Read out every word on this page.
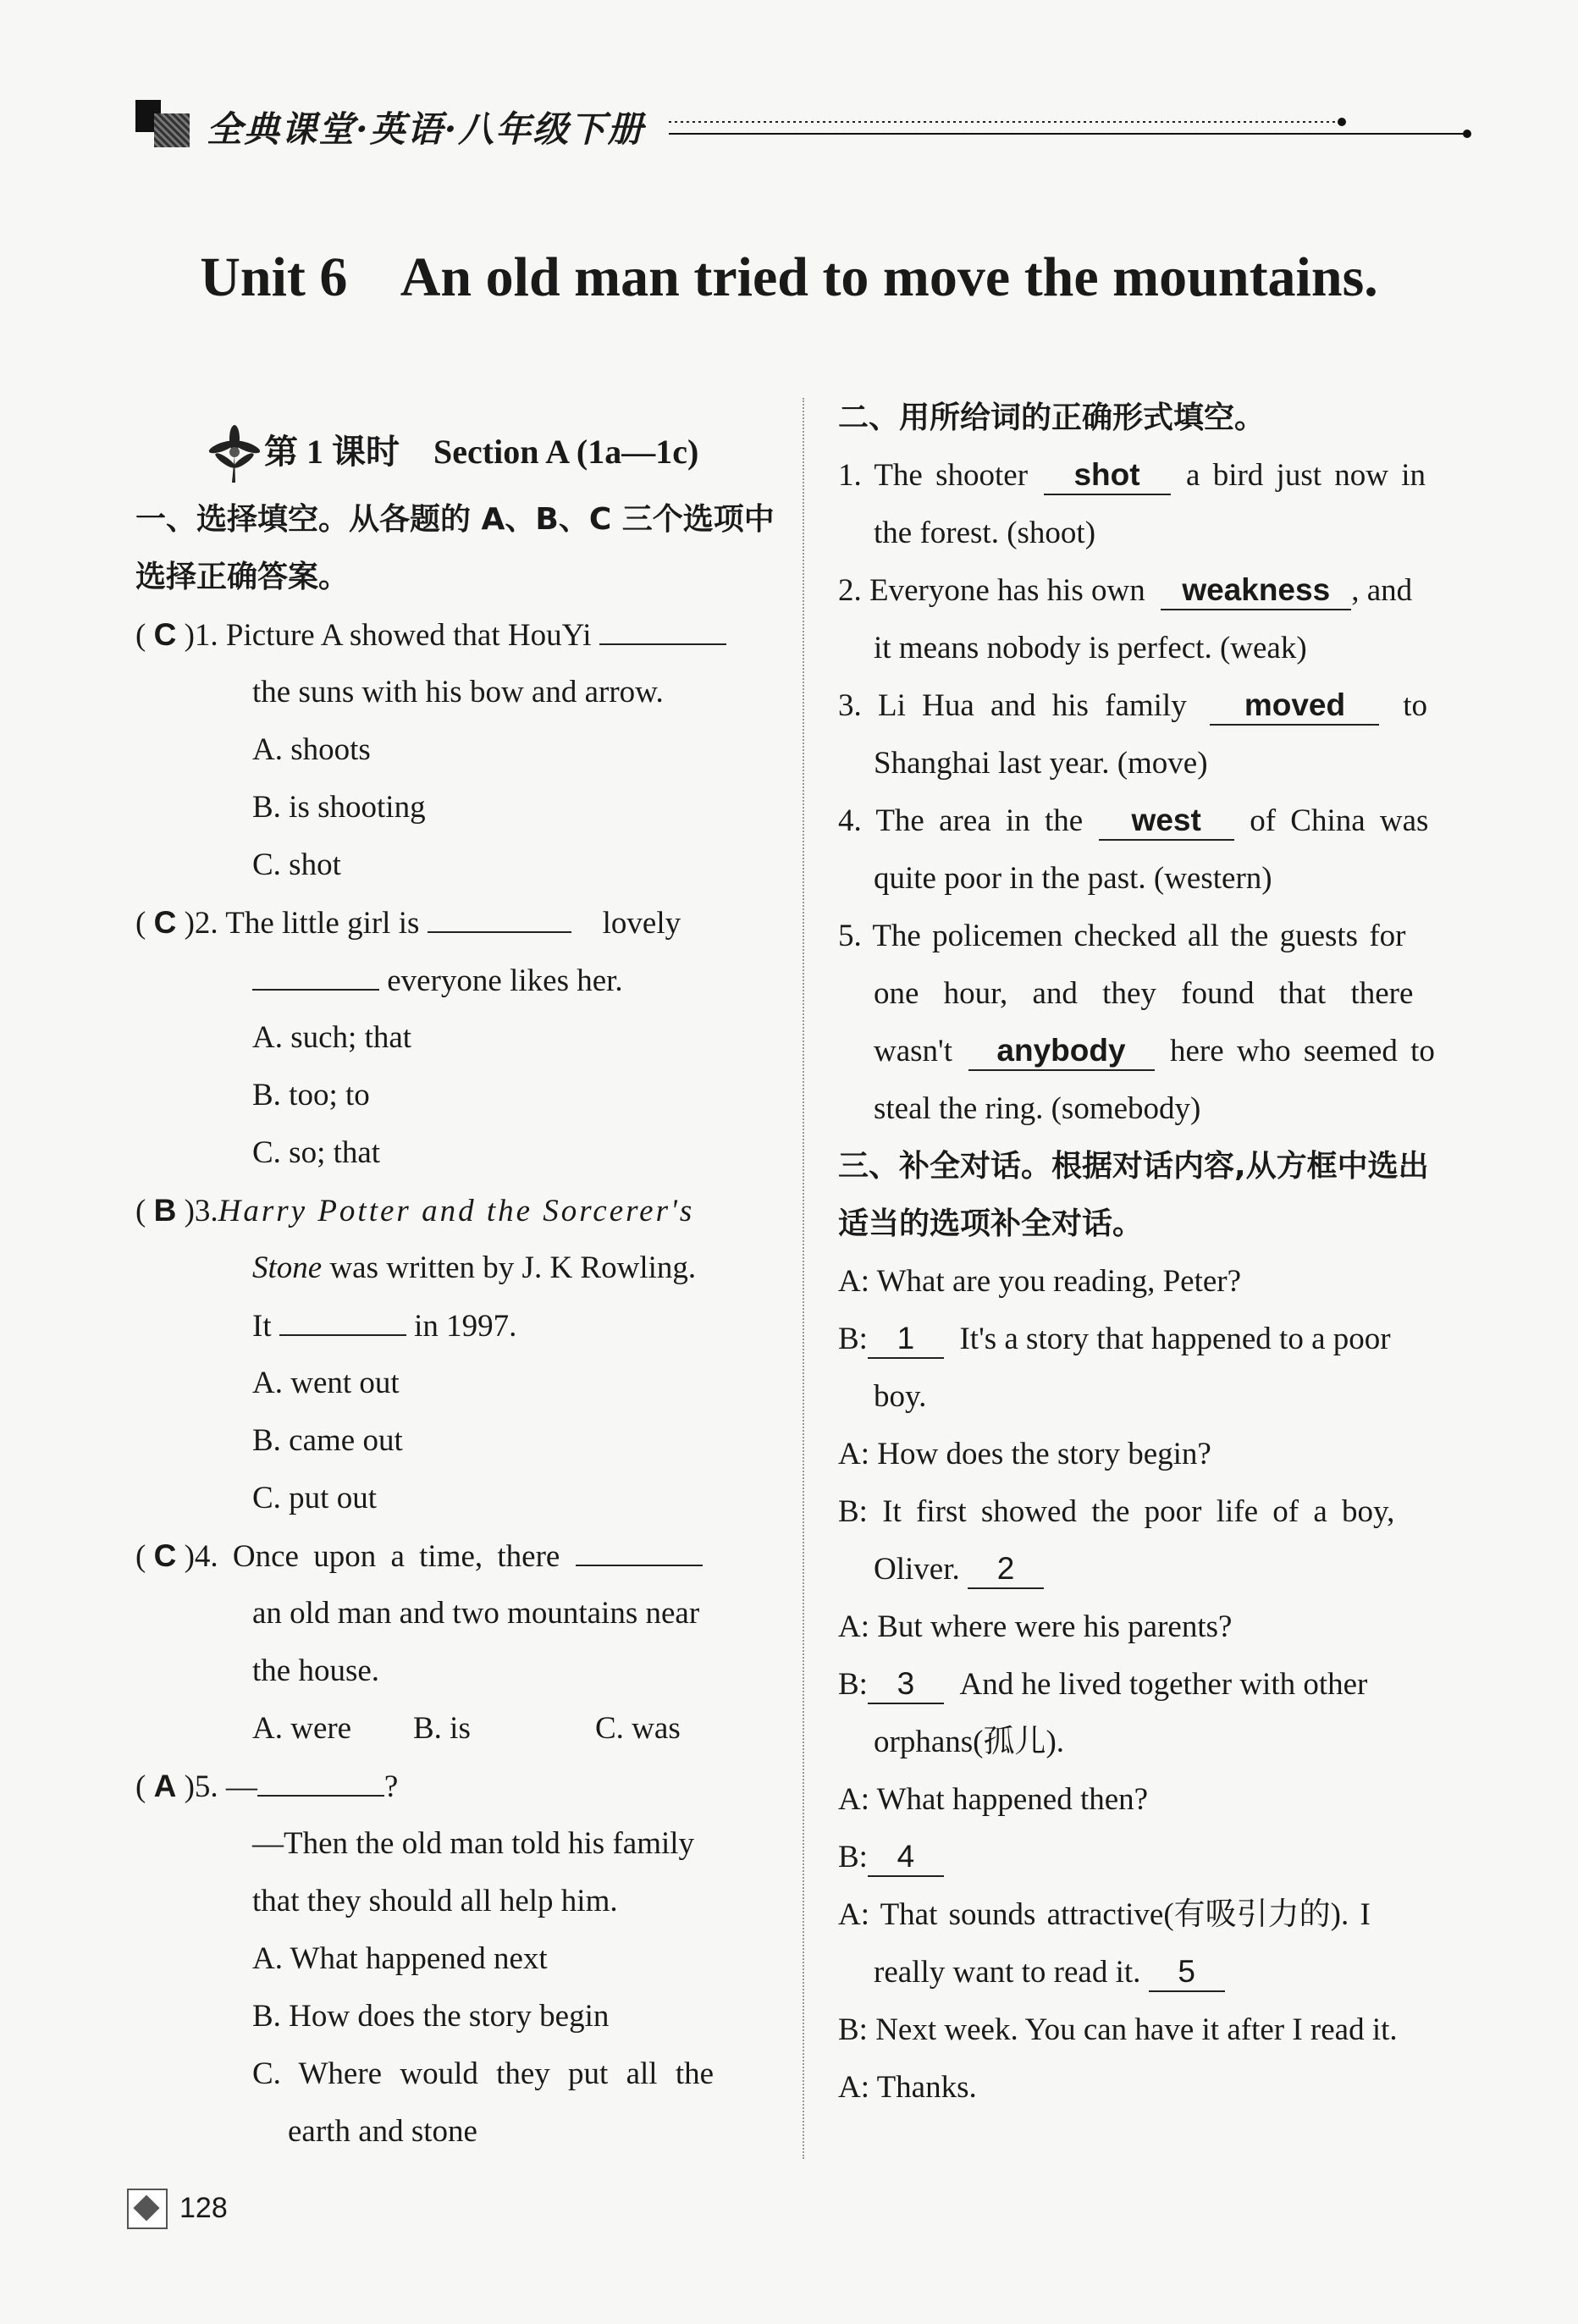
全典课堂·英语·八年级下册
Unit 6    An old man tried to move the mountains.
第 1 课时 Section A (1a—1c)
一、选择填空。从各题的 A、B、C 三个选项中
选择正确答案。
( C )1. Picture A showed that HouYi
the suns with his bow and arrow.
A. shoots
B. is shooting
C. shot
( C )2. The little girl is	lovely
everyone likes her.
A. such; that
B. too; to
C. so; that
( B )3.Harry Potter and the Sorcerer's
Stone was written by J. K Rowling.
It	in 1997.
A. went out
B. came out
C. put out
( C )4. Once upon a time, there
an old man and two mountains near
the house.
A. were B. is	C. was
( A )5. —	?
—Then the old man told his family
that they should all help him.
A. What happened next
B. How does the story begin
C. Where would they put all the
earth and stone
二、用所给词的正确形式填空。
1. The shooter shot a bird just now in
the forest. (shoot)
2. Everyone has his own weakness , and
it means nobody is perfect. (weak)
3. Li Hua and his family moved to
Shanghai last year. (move)
4. The area in the west of China was
quite poor in the past. (western)
5. The policemen checked all the guests for
one hour, and they found that there
wasn't anybody here who seemed to
steal the ring. (somebody)
三、补全对话。根据对话内容,从方框中选出
适当的选项补全对话。
A: What are you reading, Peter?
B: 1 It's a story that happened to a poor
boy.
A: How does the story begin?
B: It first showed the poor life of a boy,
Oliver. 2
A: But where were his parents?
B: 3 And he lived together with other
orphans(孤儿).
A: What happened then?
B: 4
A: That sounds attractive(有吸引力的). I
really want to read it. 5
B: Next week. You can have it after I read it.
A: Thanks.
128
